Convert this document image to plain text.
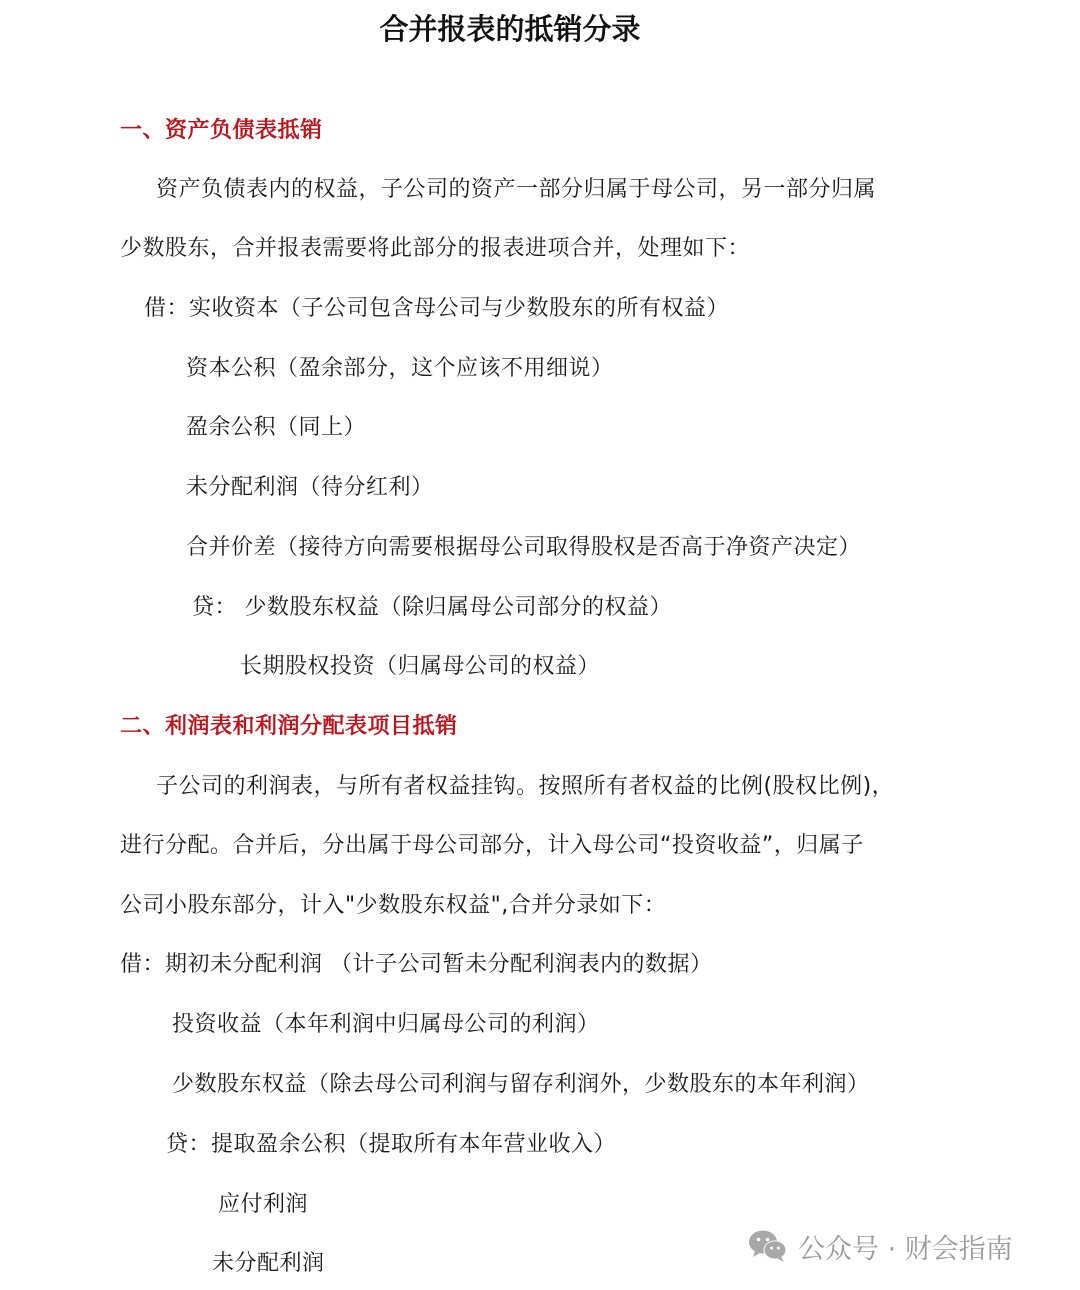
合并报表的抵销分录
一、资产负债表抵销
资产负债表内的权益，子公司的资产一部分归属于母公司，另一部分归属
少数股东，合并报表需要将此部分的报表进项合并，处理如下：
借：实收资本（子公司包含母公司与少数股东的所有权益）
资本公积（盈余部分，这个应该不用细说）
盈余公积（同上）
未分配利润（待分红利）
合并价差（接待方向需要根据母公司取得股权是否高于净资产决定）
贷： 少数股东权益（除归属母公司部分的权益）
长期股权投资（归属母公司的权益）
二、利润表和利润分配表项目抵销
子公司的利润表，与所有者权益挂钩。按照所有者权益的比例(股权比例)，
进行分配。合并后，分出属于母公司部分，计入母公司“投资收益”，归属子
公司小股东部分，计入"少数股东权益",合并分录如下：
借：期初未分配利润 （计子公司暂未分配利润表内的数据）
投资收益（本年利润中归属母公司的利润）
少数股东权益（除去母公司利润与留存利润外，少数股东的本年利润）
贷：提取盈余公积（提取所有本年营业收入）
应付利润
未分配利润	公众号 · 财会指南
